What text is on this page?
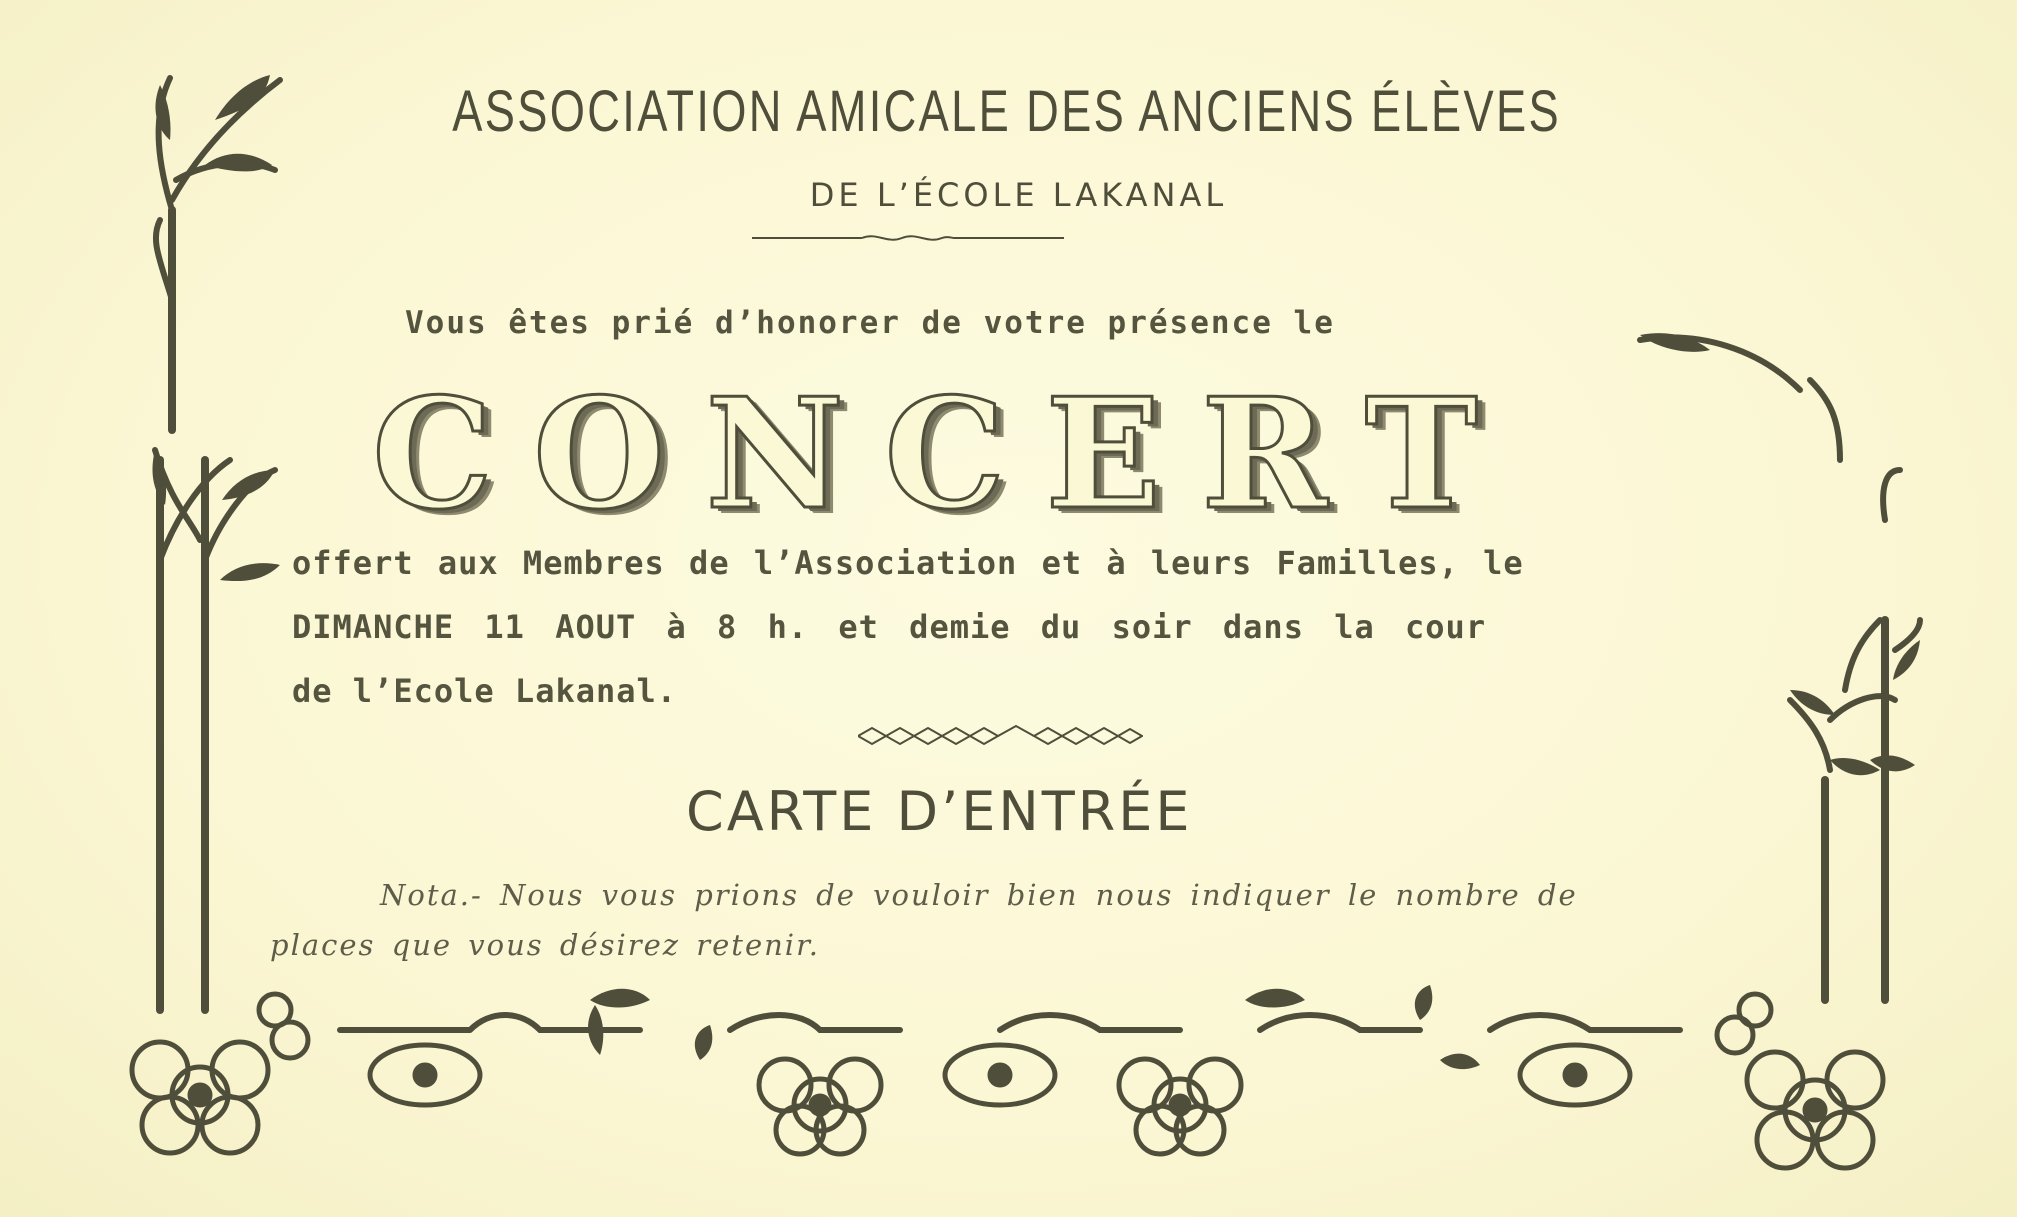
ASSOCIATION AMICALE DES ANCIENS ÉLÈVES
DE L’ÉCOLE LAKANAL
Vous êtes prié d’honorer de votre présence le
CONCERT
offert aux Membres de l’Association et à leurs Familles, le
DIMANCHE 11 AOUT à 8 h. et demie du soir dans la cour
de l’Ecole Lakanal.
CARTE D’ENTRÉE
Nota.- Nous vous prions de vouloir bien nous indiquer le nombre de
places que vous désirez retenir.
